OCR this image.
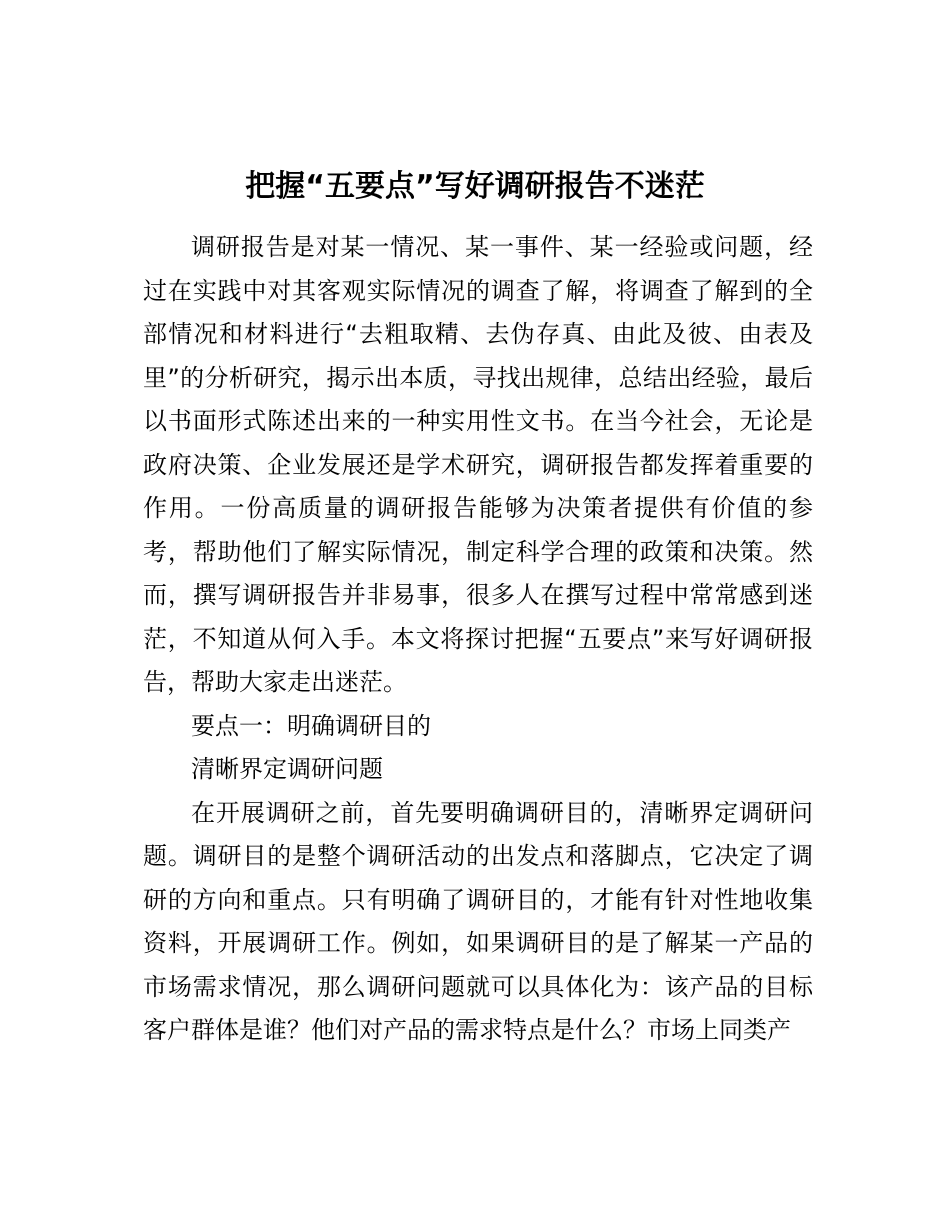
把握“五要点”写好调研报告不迷茫

调研报告是对某一情况、某一事件、某一经验或问题，经过在实践中对其客观实际情况的调查了解，将调查了解到的全部情况和材料进行“去粗取精、去伪存真、由此及彼、由表及里”的分析研究，揭示出本质，寻找出规律，总结出经验，最后以书面形式陈述出来的一种实用性文书。在当今社会，无论是政府决策、企业发展还是学术研究，调研报告都发挥着重要的作用。一份高质量的调研报告能够为决策者提供有价值的参考，帮助他们了解实际情况，制定科学合理的政策和决策。然而，撰写调研报告并非易事，很多人在撰写过程中常常感到迷茫，不知道从何入手。本文将探讨把握“五要点”来写好调研报告，帮助大家走出迷茫。

要点一：明确调研目的

清晰界定调研问题

在开展调研之前，首先要明确调研目的，清晰界定调研问题。调研目的是整个调研活动的出发点和落脚点，它决定了调研的方向和重点。只有明确了调研目的，才能有针对性地收集资料，开展调研工作。例如，如果调研目的是了解某一产品的市场需求情况，那么调研问题就可以具体化为：该产品的目标客户群体是谁？他们对产品的需求特点是什么？市场上同类产
